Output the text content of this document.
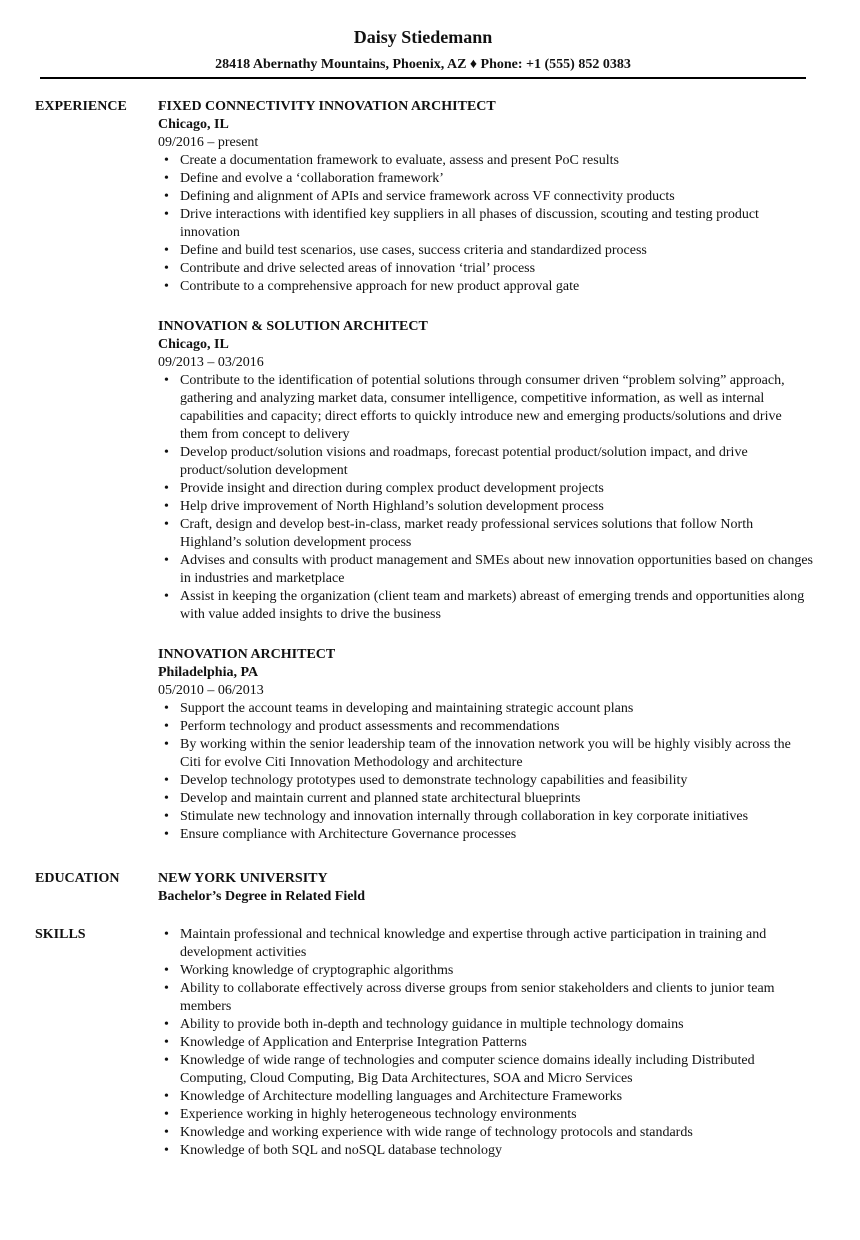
Daisy Stiedemann
28418 Abernathy Mountains, Phoenix, AZ ♦ Phone: +1 (555) 852 0383
EXPERIENCE FIXED CONNECTIVITY INNOVATION ARCHITECT
Chicago, IL
09/2016 – present
• Create a documentation framework to evaluate, assess and present PoC results
• Define and evolve a ‘collaboration framework’
• Defining and alignment of APIs and service framework across VF connectivity products
• Drive interactions with identified key suppliers in all phases of discussion, scouting and testing product innovation
• Define and build test scenarios, use cases, success criteria and standardized process
• Contribute and drive selected areas of innovation ‘trial’ process
• Contribute to a comprehensive approach for new product approval gate
INNOVATION & SOLUTION ARCHITECT
Chicago, IL
09/2013 – 03/2016
• Contribute to the identification of potential solutions through consumer driven “problem solving” approach, gathering and analyzing market data, consumer intelligence, competitive information, as well as internal capabilities and capacity; direct efforts to quickly introduce new and emerging products/solutions and drive them from concept to delivery
• Develop product/solution visions and roadmaps, forecast potential product/solution impact, and drive product/solution development
• Provide insight and direction during complex product development projects
• Help drive improvement of North Highland’s solution development process
• Craft, design and develop best-in-class, market ready professional services solutions that follow North Highland’s solution development process
• Advises and consults with product management and SMEs about new innovation opportunities based on changes in industries and marketplace
• Assist in keeping the organization (client team and markets) abreast of emerging trends and opportunities along with value added insights to drive the business
INNOVATION ARCHITECT
Philadelphia, PA
05/2010 – 06/2013
• Support the account teams in developing and maintaining strategic account plans
• Perform technology and product assessments and recommendations
• By working within the senior leadership team of the innovation network you will be highly visibly across the Citi for evolve Citi Innovation Methodology and architecture
• Develop technology prototypes used to demonstrate technology capabilities and feasibility
• Develop and maintain current and planned state architectural blueprints
• Stimulate new technology and innovation internally through collaboration in key corporate initiatives
• Ensure compliance with Architecture Governance processes
EDUCATION	NEW YORK UNIVERSITY
Bachelor’s Degree in Related Field
SKILLS
•	Maintain professional and technical knowledge and expertise through active participation in training and development activities
• Working knowledge of cryptographic algorithms
• Ability to collaborate effectively across diverse groups from senior stakeholders and clients to junior team members
• Ability to provide both in-depth and technology guidance in multiple technology domains
• Knowledge of Application and Enterprise Integration Patterns
• Knowledge of wide range of technologies and computer science domains ideally including Distributed Computing, Cloud Computing, Big Data Architectures, SOA and Micro Services
• Knowledge of Architecture modelling languages and Architecture Frameworks
• Experience working in highly heterogeneous technology environments
• Knowledge and working experience with wide range of technology protocols and standards
• Knowledge of both SQL and noSQL database technology
